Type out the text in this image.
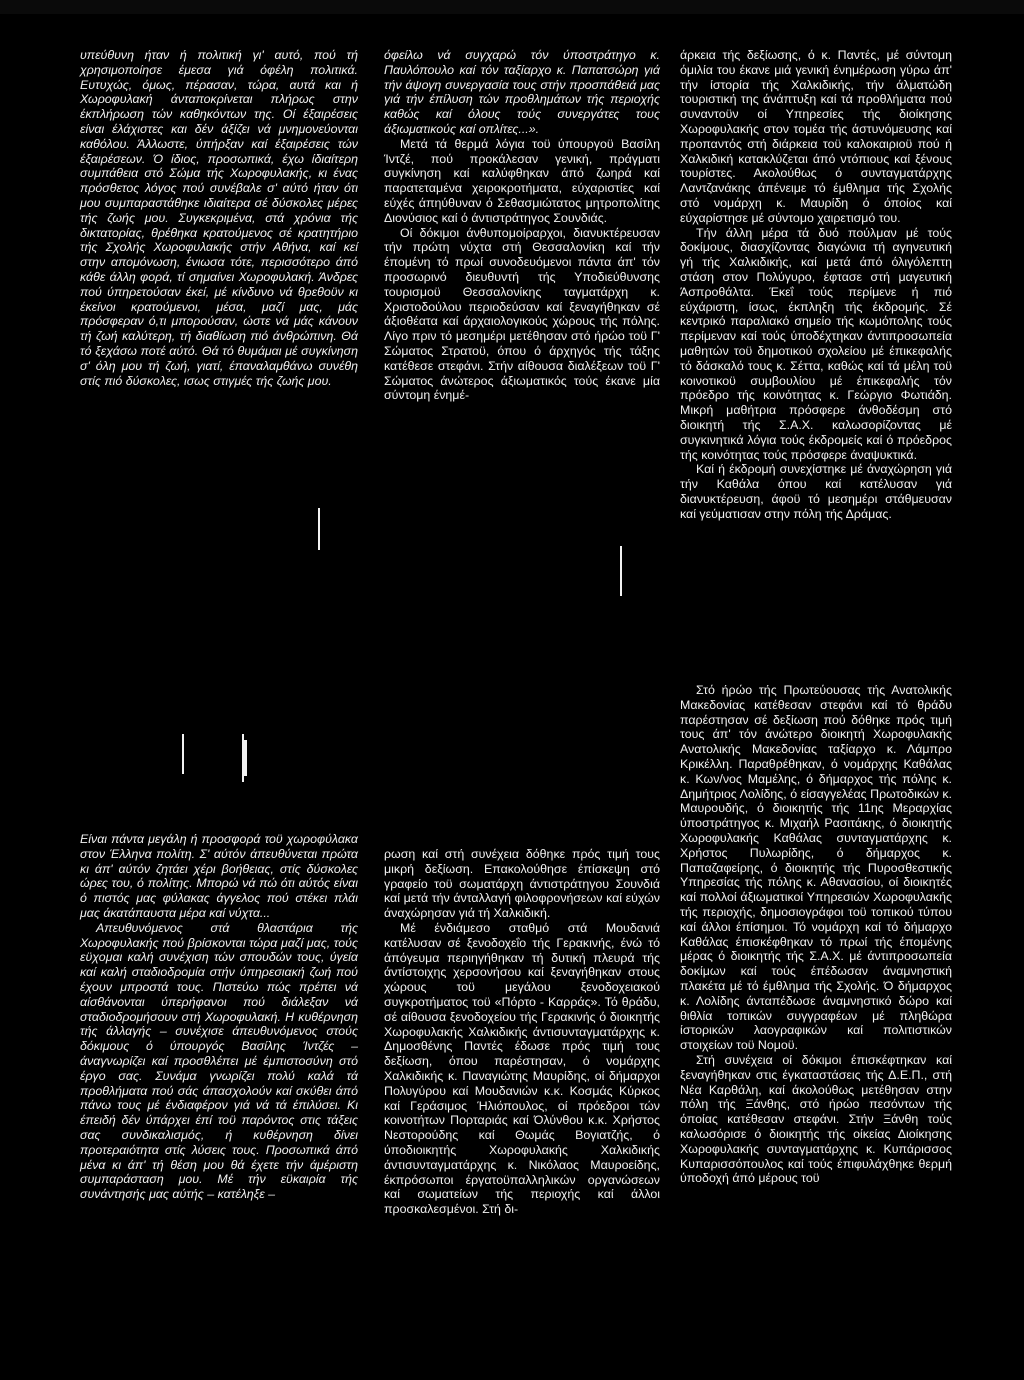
υπεύθυνη ήταν ή πολιτική γι' αυτό, πού τή χρησιμοποίησε έμεσα γιά όφέλη πολιτικά. Ευτυχώς, όμως, πέρασαν, τώρα, αυτά και ή Χωροφυλακή άνταποκρίνεται πλήρως στην έκπλήρωση τών καθηκόντων της. Οί έξαιρέσεις είναι έλάχιστες και δέν άξίζει νά μνημονεύονται καθόλου. Άλλωστε, ύπήρξαν καί έξαιρέσεις τών έξαιρέσεων. Ό ίδιος, προσωπικά, έχω ίδιαίτερη συμπάθεια στό Σώμα τής Χωροφυλακής, κι ένας πρόσθετος λόγος πού συνέβαλε σ' αύτό ήταν ότι μου συμπαραστάθηκε ιδιαίτερα σέ δύσκολες μέρες τής ζωής μου. Συγκεκριμένα, στά χρόνια τής δικτατορίας, θρέθηκα κρατούμενος σέ κρατητήριο τής Σχολής Χωροφυλακής στήν Αθήνα, καί κεί στην απομόνωση, ένιωσα τότε, περισσότερο άπό κάθε άλλη φορά, τί σημαίνει Χωροφυλακή. Άνδρες πού ύπηρετούσαν έκεί, μέ κίνδυνο νά θρεθοϋν κι έκείνοι κρατούμενοι, μέσα, μαζί μας, μάς πρόσφεραν ό,τι μπορούσαν, ώστε νά μάς κάνουν τή ζωή καλύτερη, τή διαθίωση πιό άνθρώπινη. Θά τό ξεχάσω ποτέ αύτό. Θά τό θυμάμαι μέ συγκίνηση σ' όλη μου τή ζωή, γιατί, έπαναλαμθάνω συνέθη στίς πιό δύσκολες, ισως στιγμές τής ζωής μου.

Είναι πάντα μεγάλη ή προσφορά τοϋ χωροφύλακα στον Έλληνα πολίτη. Σ' αύτόν άπευθύνεται πρώτα κι άπ' αύτόν ζητάει χέρι βοήθειας, στίς δύσκολες ώρες του, ό πολίτης. Μπορώ νά πώ ότι αύτός είναι ό πιστός μας φύλακας άγγελος πού στέκει πλάι μας άκατάπαυστα μέρα καί νύχτα...

Απευθυνόμενος στά θλαστάρια τής Χωροφυλακής πού βρίσκονται τώρα μαζί μας, τούς εϋχομαι καλή συνέχιση τών σπουδών τους, ύγεία καί καλή σταδιοδρομία στήν ύπηρεσιακή ζωή πού έχουν μπροστά τους. Πιστεύω πώς πρέπει νά αίσθάνονται ύπερήφανοι πού διάλεξαν νά σταδιοδρομήσουν στή Χωροφυλακή. Η κυθέρνηση τής άλλαγής – συνέχισε άπευθυνόμενος στούς δόκιμους ό ύπουργός Βασίλης Ίντζές – άναγνωρίζει καί προσθλέπει μέ έμπιστοσύνη στό έργο σας. Συνάμα γνωρίζει πολύ καλά τά προθλήματα πού σάς άπασχολούν καί σκύθει άπό πάνω τους μέ ένδιαφέρον γιά νά τά έπιλύσει. Κι έπειδή δέν ύπάρχει έπί τοϋ παρόντος στις τάξεις σας συνδικαλισμός, ή κυθέρνηση δίνει προτεραιότητα στίς λύσεις τους. Προσωπικά άπό μένα κι άπ' τή θέση μου θά έχετε τήν άμέριστη συμπαράσταση μου. Μέ τήν εϋκαιρία τής συνάντησής μας αύτής – κατέληξε –

όφείλω νά συγχαρώ τόν ύποστράτηγο κ. Παυλόπουλο καί τόν ταξίαρχο κ. Παπατσώρη γιά τήν άψογη συνεργασία τους στήν προσπάθειά μας γιά τήν έπίλυση τών προθλημάτων τής περιοχής καθώς καί όλους τούς συνεργάτες τους άξιωματικούς καί οπλίτες...».

Μετά τά θερμά λόγια τοϋ ύπουργοϋ Βασίλη Ίντζέ, πού προκάλεσαν γενική, πράγματι συγκίνηση καί καλύφθηκαν άπό ζωηρά καί παρατεταμένα χειροκροτήματα, εύχαριστίες καί εύχές άπηύθυναν ό Σεθασμιώτατος μητροπολίτης Διονύσιος καί ό άντιστράτηγος Σουνδιάς.

Οί δόκιμοι άνθυπομοίραρχοι, διανυκτέρευσαν τήν πρώτη νύχτα στή Θεσσαλονίκη καί τήν έπομένη τό πρωί συνοδευόμενοι πάντα άπ' τόν προσωρινό διευθυντή τής Υποδιεύθυνσης τουρισμοϋ Θεσσαλονίκης ταγματάρχη κ. Χριστοδούλου περιοδεύσαν καί ξεναγήθηκαν σέ άξιοθέατα καί άρχαιολογικούς χώρους τής πόλης. Λίγο πριν τό μεσημέρι μετέθησαν στό ήρώο τοϋ Γ' Σώματος Στρατοϋ, όπου ό άρχηγός τής τάξης κατέθεσε στεφάνι. Στήν αίθουσα διαλέξεων τοϋ Γ' Σώματος άνώτερος άξιωματικός τούς έκανε μία σύντομη ένημέ-

ρωση καί στή συνέχεια δόθηκε πρός τιμή τους μικρή δεξίωση. Επακολούθησε έπίσκεψη στό γραφείο τοϋ σωματάρχη άντιστράτηγου Σουνδιά καί μετά τήν άνταλλαγή φιλοφρονήσεων καί εύχών άναχώρησαν γιά τή Χαλκιδική.

Μέ ένδιάμεσο σταθμό στά Μουδανιά κατέλυσαν σέ ξενοδοχεΐο τής Γερακινής, ένώ τό άπόγευμα περιηγήθηκαν τή δυτική πλευρά τής άντίστοιχης χερσονήσου καί ξεναγήθηκαν στους χώρους τοϋ μεγάλου ξενοδοχειακού συγκροτήματος τοϋ «Πόρτο - Καρράς». Τό θράδυ, σέ αίθουσα ξενοδοχείου τής Γερακινής ό διοικητής Χωροφυλακής Χαλκιδικής άντισυνταγματάρχης κ. Δημοσθένης Παντές έδωσε πρός τιμή τους δεξίωση, όπου παρέστησαν, ό νομάρχης Χαλκιδικής κ. Παναγιώτης Μαυρίδης, οί δήμαρχοι Πολυγύρου καί Μουδανιών κ.κ. Κοσμάς Κύρκος καί Γεράσιμος Ήλιόπουλος, οί πρόεδροι τών κοινοτήτων Πορταριάς καί Όλύνθου κ.κ. Χρήστος Νεστορούδης καί Θωμάς Βογιατζής, ό ύποδιοικητής Χωροφυλακής Χαλκιδικής άντισυνταγματάρχης κ. Νικόλαος Μαυροείδης, έκπρόσωποι έργατοϋπαλληλικών οργανώσεων καί σωματείων τής περιοχής καί άλλοι προσκαλεσμένοι. Στή δι-

άρκεια τής δεξίωσης, ό κ. Παντές, μέ σύντομη όμιλία του έκανε μιά γενική ένημέρωση γύρω άπ' τήν ίστορία τής Χαλκιδικής, τήν άλματώδη τουριστική της άνάπτυξη καί τά προθλήματα πού συναντοϋν οί Υπηρεσίες τής διοίκησης Χωροφυλακής στον τομέα τής άστυνόμευσης καί προπαντός στή διάρκεια τοϋ καλοκαιριοϋ πού ή Χαλκιδική κατακλύζεται άπό ντόπιους καί ξένους τουρίστες. Ακολούθως ό συνταγματάρχης Λαντζανάκης άπένειμε τό έμθλημα τής Σχολής στό νομάρχη κ. Μαυρίδη ό όποίος καί εύχαρίστησε μέ σύντομο χαιρετισμό του.

Τήν άλλη μέρα τά δυό πούλμαν μέ τούς δοκίμους, διασχίζοντας διαγώνια τή αγηνευτική γή τής Χαλκιδικής, καί μετά άπό όλιγόλεπτη στάση στον Πολύγυρο, έφτασε στή μαγευτική Άσπροθάλτα. Έκεΐ τούς περίμενε ή πιό εύχάριστη, ίσως, έκπληξη τής έκδρομής. Σέ κεντρικό παραλιακό σημείο τής κωμόπολης τούς περίμεναν καί τούς ύποδέχτηκαν άντιπροσωπεία μαθητών τοϋ δημοτικού σχολείου μέ έπικεφαλής τό δάσκαλό τους κ. Σέττα, καθώς καί τά μέλη τοϋ κοινοτικοϋ συμβουλίου μέ έπικεφαλής τόν πρόεδρο τής κοινότητας κ. Γεώργιο Φωτιάδη. Μικρή μαθήτρια πρόσφερε άνθοδέσμη στό διοικητή τής Σ.Α.Χ. καλωσορίζοντας μέ συγκινητικά λόγια τούς έκδρομείς καί ό πρόεδρος τής κοινότητας τούς πρόσφερε άναψυκτικά.

Καί ή έκδρομή συνεχίστηκε μέ άναχώρηση γιά τήν Καθάλα όπου καί κατέλυσαν γιά διανυκτέρευση, άφοϋ τό μεσημέρι στάθμευσαν καί γεύματισαν στην πόλη τής Δράμας.

Στό ήρώο τής Πρωτεύουσας τής Ανατολικής Μακεδονίας κατέθεσαν στεφάνι καί τό θράδυ παρέστησαν σέ δεξίωση πού δόθηκε πρός τιμή τους άπ' τόν άνώτερο διοικητή Χωροφυλακής Ανατολικής Μακεδονίας ταξίαρχο κ. Λάμπρο Κρικέλλη. Παραθρέθηκαν, ό νομάρχης Καθάλας κ. Κων/νος Μαμέλης, ό δήμαρχος τής πόλης κ. Δημήτριος Λολίδης, ό είσαγγελέας Πρωτοδικών κ. Μαυρουδής, ό διοικητής τής 11ης Μεραρχίας ύποστράτηγος κ. Μιχαήλ Ρασιτάκης, ό διοικητής Χωροφυλακής Καθάλας συνταγματάρχης κ. Χρήστος Πυλωρίδης, ό δήμαρχος κ. Παπαζαφείρης, ό διοικητής τής Πυροσθεστικής Υπηρεσίας τής πόλης κ. Αθανασίου, οί διοικητές καί πολλοί άξιωματικοί Υπηρεσιών Χωροφυλακής τής περιοχής, δημοσιογράφοι τοϋ τοπικού τύπου καί άλλοι έπίσημοι. Τό νομάρχη καί τό δήμαρχο Καθάλας έπισκέφθηκαν τό πρωί τής έπομένης μέρας ό διοικητής τής Σ.Α.Χ. μέ άντιπροσωπεία δοκίμων καί τούς έπέδωσαν άναμνηστική πλακέτα μέ τό έμθλημα τής Σχολής. Ό δήμαρχος κ. Λολίδης άνταπέδωσε άναμνηστικό δώρο καί θιθλία τοπικών συγγραφέων μέ πληθώρα ίστορικών λαογραφικών καί πολιτιστικών στοιχείων τοϋ Νομοϋ.

Στή συνέχεια οί δόκιμοι έπισκέφτηκαν καί ξεναγήθηκαν στις έγκαταστάσεις τής Δ.Ε.Π., στή Νέα Καρθάλη, καί άκολούθως μετέθησαν στην πόλη τής Ξάνθης, στό ήρώο πεσόντων τής όποίας κατέθεσαν στεφάνι. Στήν Ξάνθη τούς καλωσόρισε ό διοικητής τής οίκείας Διοίκησης Χωροφυλακής συνταγματάρχης κ. Κυπάρισσος Κυπαρισσόπουλος καί τούς έπιφυλάχθηκε θερμή ύποδοχή άπό μέρους τοϋ
